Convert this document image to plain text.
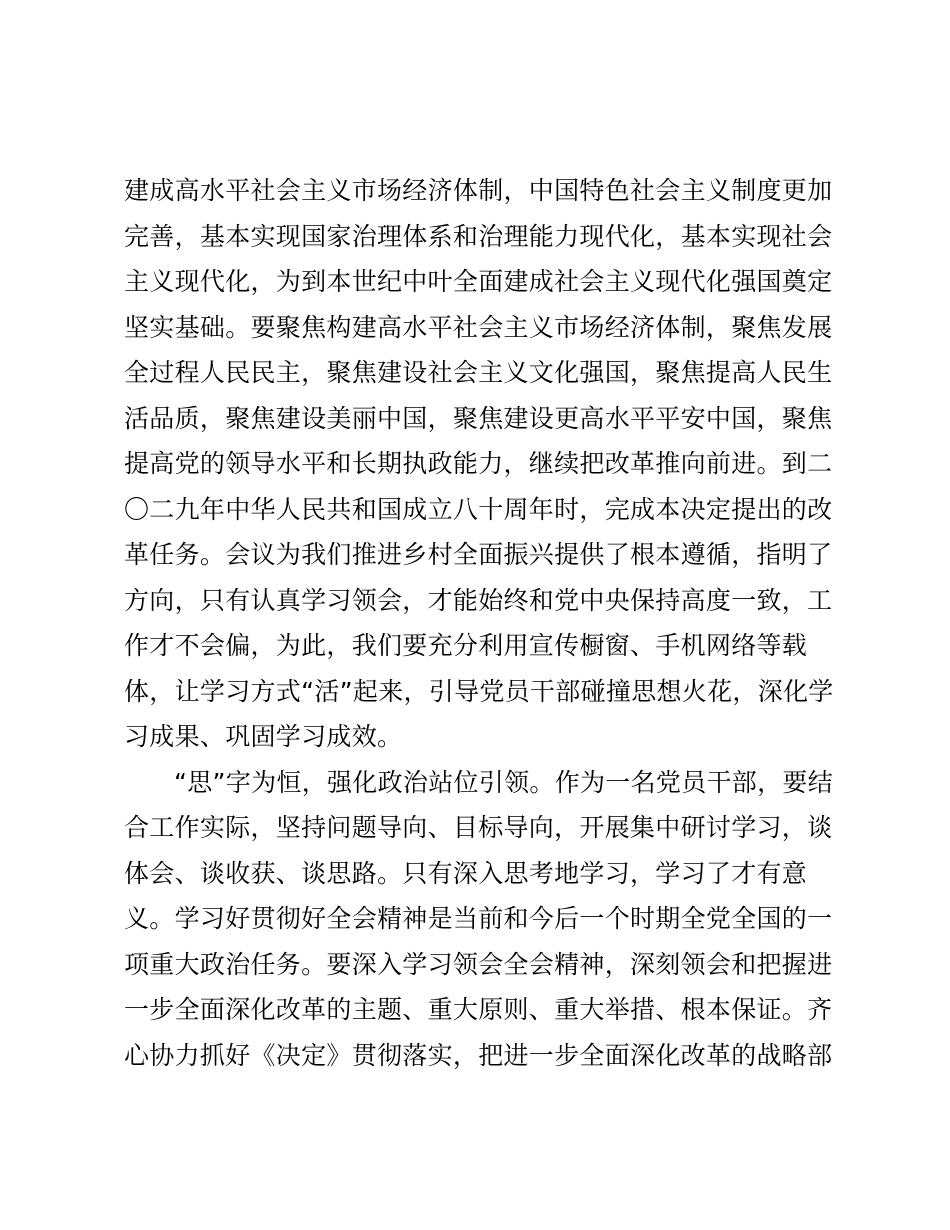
建成高水平社会主义市场经济体制，中国特色社会主义制度更加
完善，基本实现国家治理体系和治理能力现代化，基本实现社会
主义现代化，为到本世纪中叶全面建成社会主义现代化强国奠定
坚实基础。要聚焦构建高水平社会主义市场经济体制，聚焦发展
全过程人民民主，聚焦建设社会主义文化强国，聚焦提高人民生
活品质，聚焦建设美丽中国，聚焦建设更高水平平安中国，聚焦
提高党的领导水平和长期执政能力，继续把改革推向前进。到二
〇二九年中华人民共和国成立八十周年时，完成本决定提出的改
革任务。会议为我们推进乡村全面振兴提供了根本遵循，指明了
方向，只有认真学习领会，才能始终和党中央保持高度一致，工
作才不会偏，为此，我们要充分利用宣传橱窗、手机网络等载
体，让学习方式“活”起来，引导党员干部碰撞思想火花，深化学
习成果、巩固学习成效。
“思”字为恒，强化政治站位引领。作为一名党员干部，要结
合工作实际，坚持问题导向、目标导向，开展集中研讨学习，谈
体会、谈收获、谈思路。只有深入思考地学习，学习了才有意
义。学习好贯彻好全会精神是当前和今后一个时期全党全国的一
项重大政治任务。要深入学习领会全会精神，深刻领会和把握进
一步全面深化改革的主题、重大原则、重大举措、根本保证。齐
心协力抓好《决定》贯彻落实，把进一步全面深化改革的战略部
